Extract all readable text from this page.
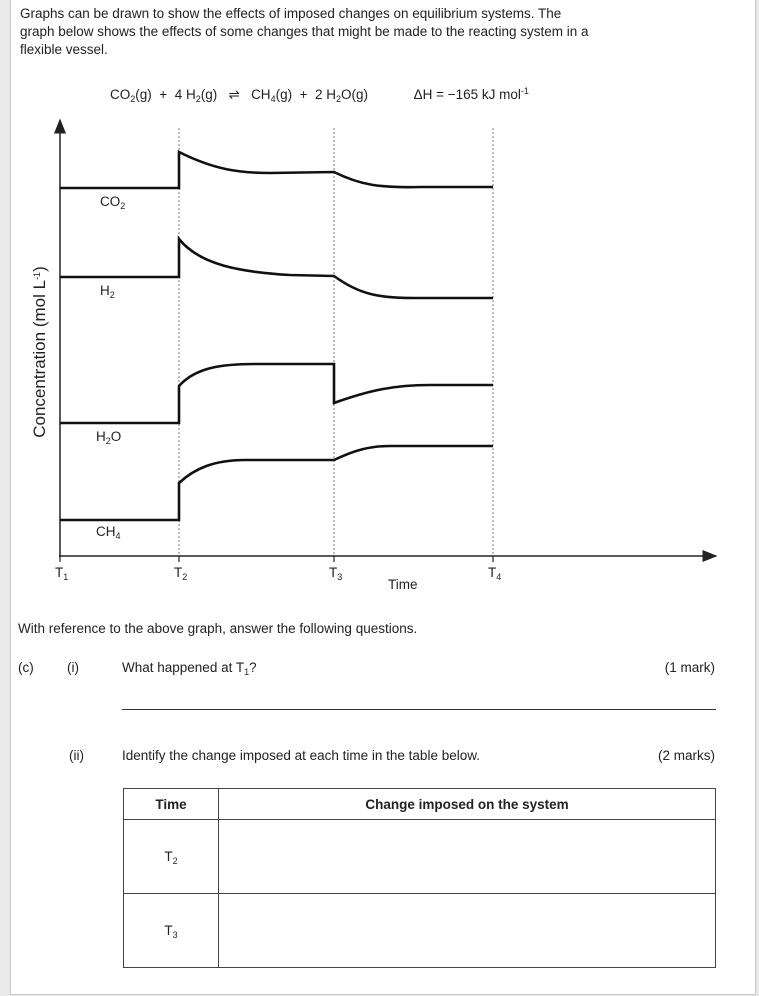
Graphs can be drawn to show the effects of imposed changes on equilibrium systems. The
graph below shows the effects of some changes that might be made to the reacting system in a
flexible vessel.
$CO_2(g) + 4$ $H_2(g)$ ⇌ $CH_4(g) + 2$ $H_2O(g)$	ΔH = −165 kJ mol$^{-1}$
Concentration (mol $L^{-1}$)
$CO_2$
$H_2$
$H_2O$
$CH_4$
$T_1$	$T_2$	$T_3$	$T_4$
Time
With reference to the above graph, answer the following questions.
(c) (i)	What happened at $T_1$?	(1 mark)
(ii)	Identify the change imposed at each time in the table below.	(2 marks)
Time	Change imposed on the system
$T_2$	
$T_3$	
